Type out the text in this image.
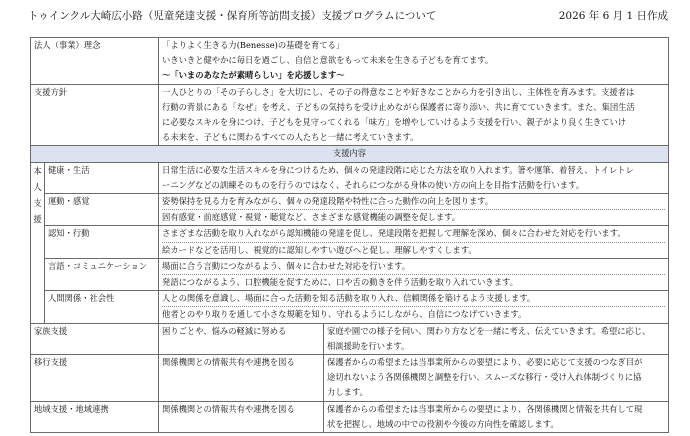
トゥインクル大崎広小路（児童発達支援・保育所等訪問支援）支援プログラムについて	2026 年 6 月 1 日作成
法人（事業）理念		「よりよく生きる力(Benesse)の基礎を育てる」
いきいきと健やかに毎日を過ごし、自信と意欲をもって未来を生きる子どもを育てます。
～「いまのあなたが素晴らしい」を応援します～	

支援方針		一人ひとりの「その子らしさ」を大切にし、その子の得意なことや好きなことから力を引き出し、主体性を育みます。支援者は
行動の背景にある「なぜ」を考え、子どもの気持ちを受け止めながら保護者に寄り添い、共に育てていきます。また、集団生活
に必要なスキルを身につけ、子どもを見守ってくれる「味方」を増やしていけるよう支援を行い、親子がより良く生きていけ
る未来を、子どもに関わるすべての人たちと一緒に考えていきます。	

支援内容			
本
人
支
援	健康・生活	日常生活に必要な生活スキルを身につけるため、個々の発達段階に応じた方法を取り入れます。箸や運筆、着替え、トイレトレ
ーニングなどの訓練そのものを行うのではなく、それらにつながる身体の使い方の向上を目指す活動を行います。	

	運動・感覚	姿勢保持を見る力を育みながら、個々の発達段階や特性に合った動作の向上を図ります。
固有感覚・前庭感覚・視覚・聴覚など、さまざまな感覚機能の調整を促します。	

	認知・行動	さまざまな活動を取り入れながら認知機能の発達を促し、発達段階を把握して理解を深め、個々に合わせた対応を行います。
絵カードなどを活用し、視覚的に認知しやすい遊びへと促し、理解しやすくします。	

	言語・コミュニケーション	場面に合う言動につながるよう、個々に合わせた対応を行います。
発語につながるよう、口腔機能を促すために、口や舌の動きを伴う活動を取り入れていきます。	

	人間関係・社会性	人との関係を意識し、場面に合った活動を知る活動を取り入れ、信頼関係を築けるよう支援します。
他者とのやり取りを通して小さな規範を知り、守れるようにしながら、自信につなげていきます。	

家族支援		困りごとや、悩みの軽減に努める	家庭や園での様子を伺い、関わり方などを一緒に考え、伝えていきます。希望に応じ、
相談援助を行います。

移行支援		関係機関との情報共有や連携を図る	保護者からの希望または当事業所からの要望により、必要に応じて支援のつなぎ目が
途切れないよう各関係機関と調整を行い、スムーズな移行・受け入れ体制づくりに協
力します。

地域支援・地域連携		関係機関との情報共有や連携を図る	保護者からの希望または当事業所からの要望により、各関係機関と情報を共有して現
状を把握し、地域の中での役割や今後の方向性を確認します。
